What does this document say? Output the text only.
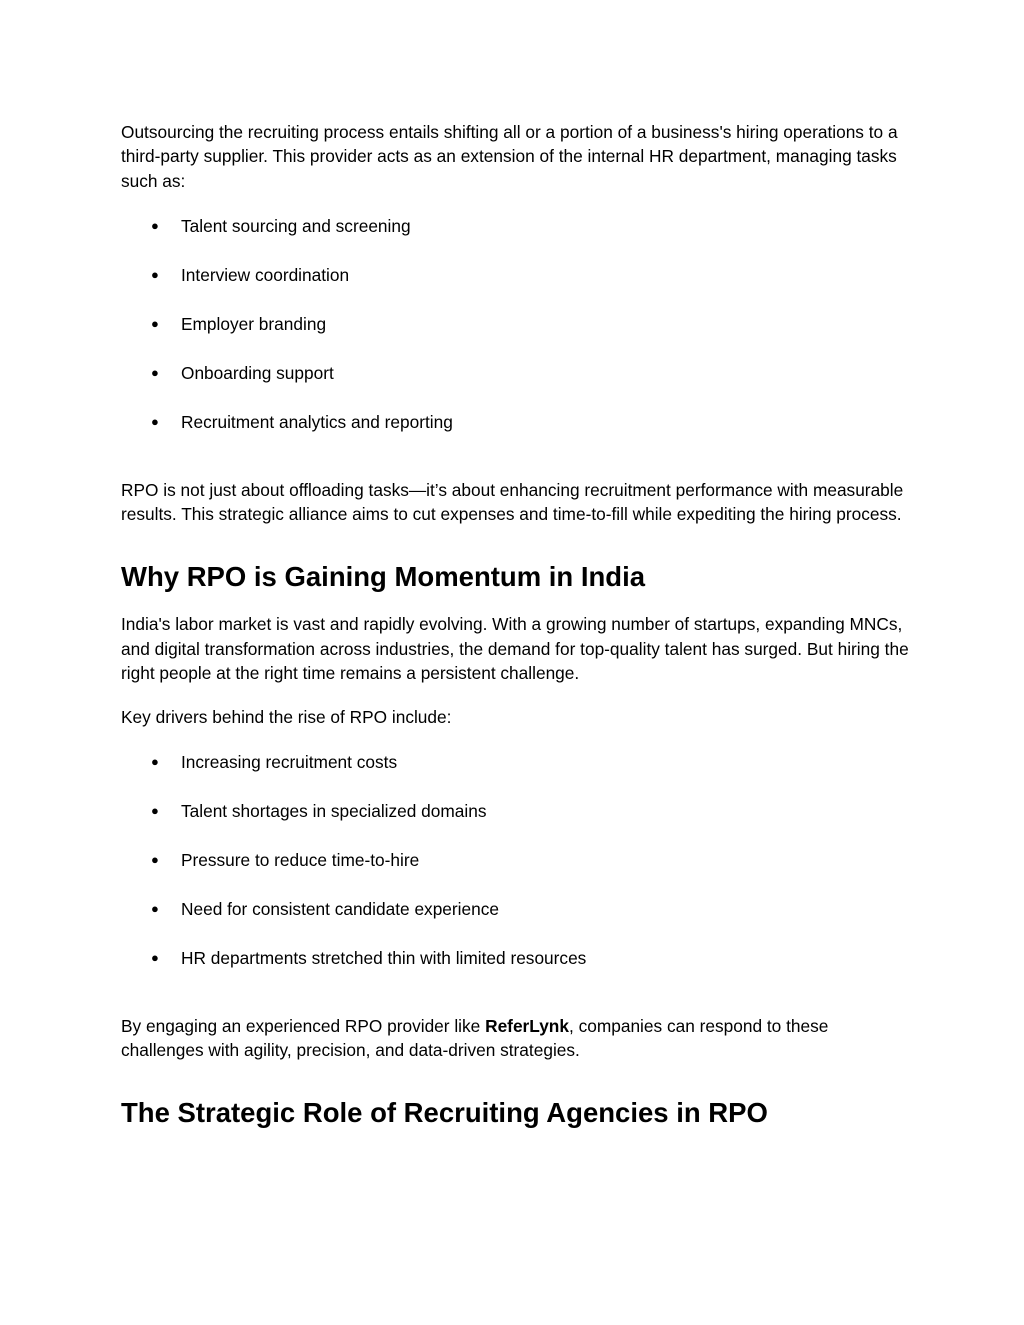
Outsourcing the recruiting process entails shifting all or a portion of a business's hiring operations to a third-party supplier. This provider acts as an extension of the internal HR department, managing tasks such as:

● Talent sourcing and screening
● Interview coordination
● Employer branding
● Onboarding support
● Recruitment analytics and reporting

RPO is not just about offloading tasks—it’s about enhancing recruitment performance with measurable results. This strategic alliance aims to cut expenses and time-to-fill while expediting the hiring process.

Why RPO is Gaining Momentum in India

India's labor market is vast and rapidly evolving. With a growing number of startups, expanding MNCs, and digital transformation across industries, the demand for top-quality talent has surged. But hiring the right people at the right time remains a persistent challenge.

Key drivers behind the rise of RPO include:

● Increasing recruitment costs
● Talent shortages in specialized domains
● Pressure to reduce time-to-hire
● Need for consistent candidate experience
● HR departments stretched thin with limited resources

By engaging an experienced RPO provider like ReferLynk, companies can respond to these challenges with agility, precision, and data-driven strategies.

The Strategic Role of Recruiting Agencies in RPO
